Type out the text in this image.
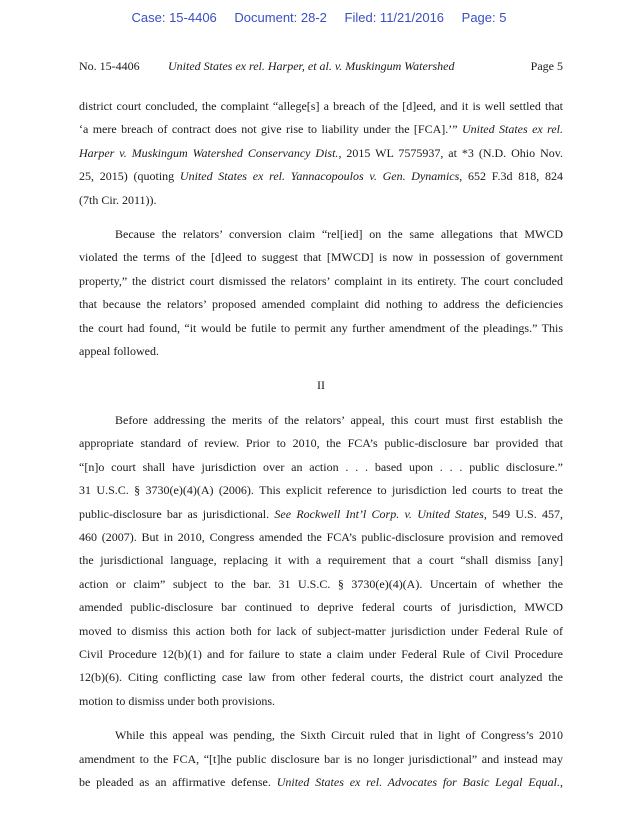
Case: 15-4406 Document: 28-2 Filed: 11/21/2016 Page: 5
No. 15-4406 United States ex rel. Harper, et al. v. Muskingum Watershed	Page 5

district court concluded, the complaint “allege[s] a breach of the [d]eed, and it is well settled that
‘a mere breach of contract does not give rise to liability under the [FCA].’” United States ex rel.
Harper v. Muskingum Watershed Conservancy Dist., 2015 WL 7575937, at *3 (N.D. Ohio Nov.
25, 2015) (quoting United States ex rel. Yannacopoulos v. Gen. Dynamics, 652 F.3d 818, 824
(7th Cir. 2011)).

Because the relators’ conversion claim “rel[ied] on the same allegations that MWCD
violated the terms of the [d]eed to suggest that [MWCD] is now in possession of government
property,” the district court dismissed the relators’ complaint in its entirety. The court concluded
that because the relators’ proposed amended complaint did nothing to address the deficiencies
the court had found, “it would be futile to permit any further amendment of the pleadings.” This
appeal followed.

II

Before addressing the merits of the relators’ appeal, this court must first establish the
appropriate standard of review. Prior to 2010, the FCA’s public-disclosure bar provided that
“[n]o court shall have jurisdiction over an action . . . based upon . . . public disclosure.”
31 U.S.C. § 3730(e)(4)(A) (2006). This explicit reference to jurisdiction led courts to treat the
public-disclosure bar as jurisdictional. See Rockwell Int’l Corp. v. United States, 549 U.S. 457,
460 (2007). But in 2010, Congress amended the FCA’s public-disclosure provision and removed
the jurisdictional language, replacing it with a requirement that a court “shall dismiss [any]
action or claim” subject to the bar. 31 U.S.C. § 3730(e)(4)(A). Uncertain of whether the
amended public-disclosure bar continued to deprive federal courts of jurisdiction, MWCD
moved to dismiss this action both for lack of subject-matter jurisdiction under Federal Rule of
Civil Procedure 12(b)(1) and for failure to state a claim under Federal Rule of Civil Procedure
12(b)(6). Citing conflicting case law from other federal courts, the district court analyzed the
motion to dismiss under both provisions.

While this appeal was pending, the Sixth Circuit ruled that in light of Congress’s 2010
amendment to the FCA, “[t]he public disclosure bar is no longer jurisdictional” and instead may
be pleaded as an affirmative defense. United States ex rel. Advocates for Basic Legal Equal.,
